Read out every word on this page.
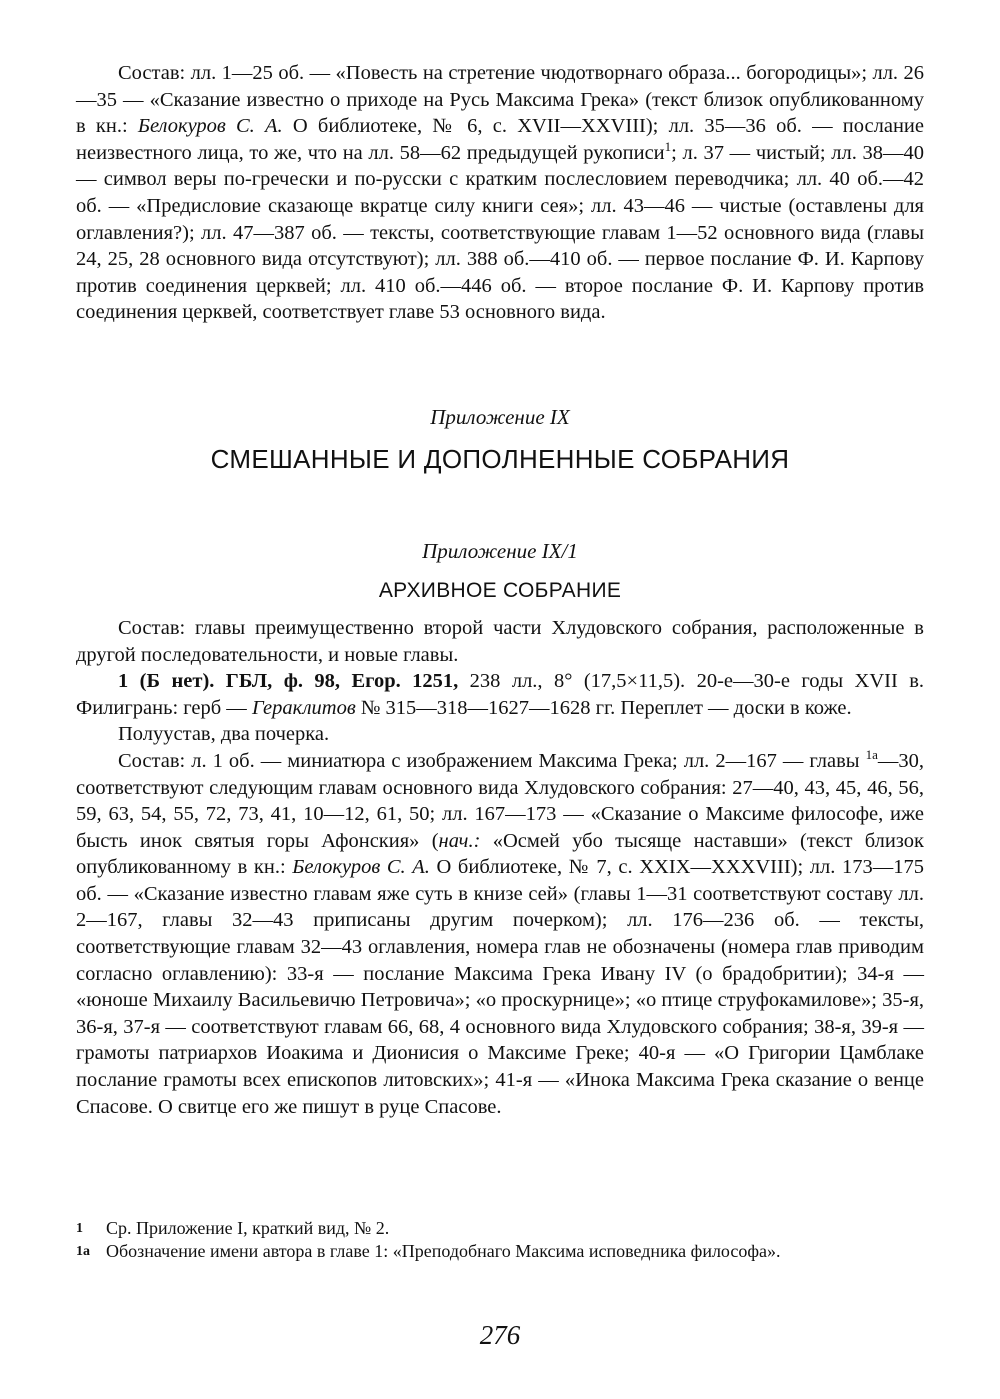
Состав: лл. 1—25 об. — «Повесть на стретение чюдотворнаго образа... богородицы»; лл. 26—35 — «Сказание известно о приходе на Русь Максима Грека» (текст близок опубликованному в кн.: Белокуров С. А. О библиотеке, № 6, с. XVII—XXVIII); лл. 35—36 об. — послание неизвестного лица, то же, что на лл. 58—62 предыдущей рукописи$^1$; л. 37 — чистый; лл. 38—40 — символ веры по-гречески и по-русски с кратким послесловием переводчика; лл. 40 об.—42 об. — «Предисловие сказающе вкратце силу книги сея»; лл. 43—46 — чистые (оставлены для оглавления?); лл. 47—387 об. — тексты, соответствующие главам 1—52 основного вида (главы 24, 25, 28 основного вида отсутствуют); лл. 388 об.—410 об. — первое послание Ф. И. Карпову против соединения церквей; лл. 410 об.—446 об. — второе послание Ф. И. Карпову против соединения церквей, соответствует главе 53 основного вида.

Приложение IX
СМЕШАННЫЕ И ДОПОЛНЕННЫЕ СОБРАНИЯ
Приложение IX/1
АРХИВНОЕ СОБРАНИЕ

Состав: главы преимущественно второй части Хлудовского собрания, расположенные в другой последовательности, и новые главы.

1 (Б нет). ГБЛ, ф. 98, Егор. 1251, 238 лл., 8° (17,5×11,5). 20-е—30-е годы XVII в. Филигрань: герб — Гераклитов № 315—318—1627—1628 гг. Переплет — доски в коже.

Полуустав, два почерка.

Состав: л. 1 об. — миниатюра с изображением Максима Грека; лл. 2—167 — главы $^{1а}$—30, соответствуют следующим главам основного вида Хлудовского собрания: 27—40, 43, 45, 46, 56, 59, 63, 54, 55, 72, 73, 41, 10—12, 61, 50; лл. 167—173 — «Сказание о Максиме философе, иже бысть инок святыя горы Афонския» (нач.: «Осмей убо тысяще наставши» (текст близок опубликованному в кн.: Белокуров С. А. О библиотеке, № 7, с. XXIX—XXXVIII); лл. 173—175 об. — «Сказание известно главам яже суть в книзе сей» (главы 1—31 соответствуют составу лл. 2—167, главы 32—43 приписаны другим почерком); лл. 176—236 об. — тексты, соответствующие главам 32—43 оглавления, номера глав не обозначены (номера глав приводим согласно оглавлению): 33-я — послание Максима Грека Ивану IV (о брадобритии); 34-я — «юноше Михаилу Васильевичю Петровича»; «о проскурнице»; «о птице струфокамилове»; 35-я, 36-я, 37-я — соответствуют главам 66, 68, 4 основного вида Хлудовского собрания; 38-я, 39-я — грамоты патриархов Иоакима и Дионисия о Максиме Греке; 40-я — «О Григории Цамблаке послание грамоты всех епископов литовских»; 41-я — «Инока Максима Грека сказание о венце Спасове. О свитце его же пишут в руце Спасове.

1	Ср. Приложение I, краткий вид, № 2.
1а Обозначение имени автора в главе 1: «Преподобнаго Максима исповедника философа».
276
